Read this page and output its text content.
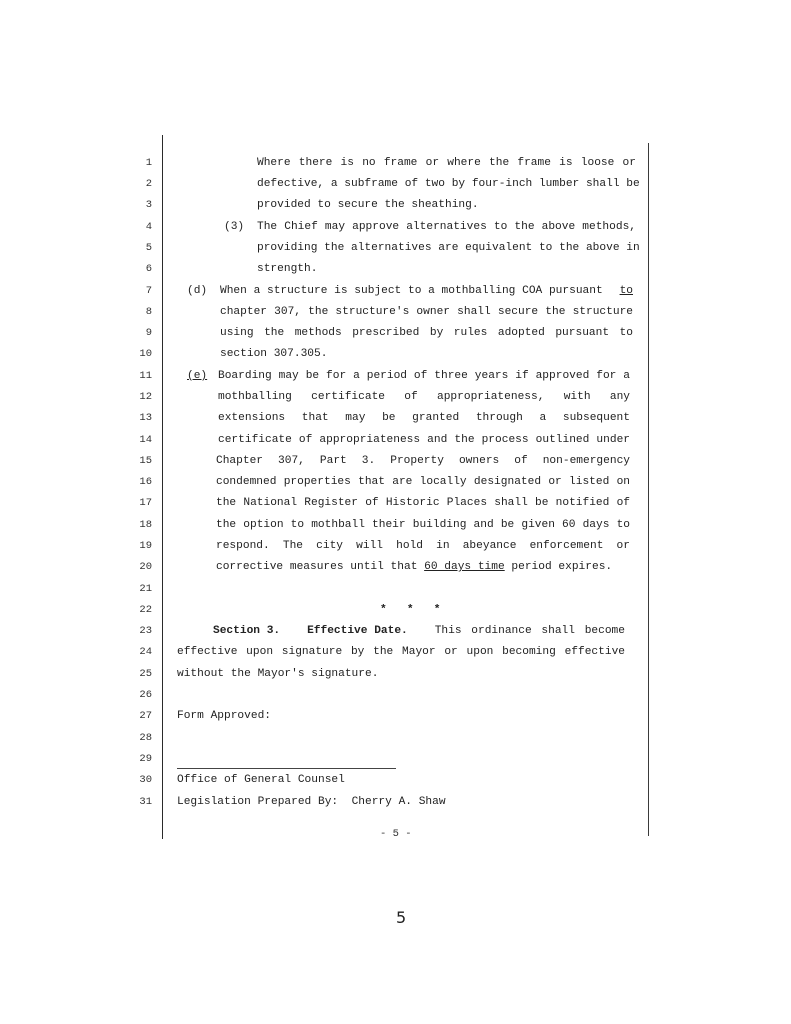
1
2
3
4
5
6
7
8
9
10
11
12
13
14
15
16
17
18
19
20
21
22
23
24
25
26
27
28
29
30
31
Where there is no frame or where the frame is loose or
defective, a subframe of two by four-inch lumber shall be
provided to secure the sheathing.
(3) The Chief may approve alternatives to the above methods,
providing the alternatives are equivalent to the above in
strength.
(d) When a structure is subject to a mothballing COA pursuant to
chapter 307, the structure's owner shall secure the structure
using the methods prescribed by rules adopted pursuant to
section 307.305.
(e) Boarding may be for a period of three years if approved for a
mothballing certificate of appropriateness, with any
extensions that may be granted through a subsequent
certificate of appropriateness and the process outlined under
Chapter 307, Part 3. Property owners of non-emergency
condemned properties that are locally designated or listed on
the National Register of Historic Places shall be notified of
the option to mothball their building and be given 60 days to
respond. The city will hold in abeyance enforcement or
corrective measures until that 60 days time period expires.
*   *   *
Section 3. Effective Date. This ordinance shall become
effective upon signature by the Mayor or upon becoming effective
without the Mayor's signature.
Form Approved:
Office of General Counsel
Legislation Prepared By: Cherry A. Shaw
- 5 -
5
